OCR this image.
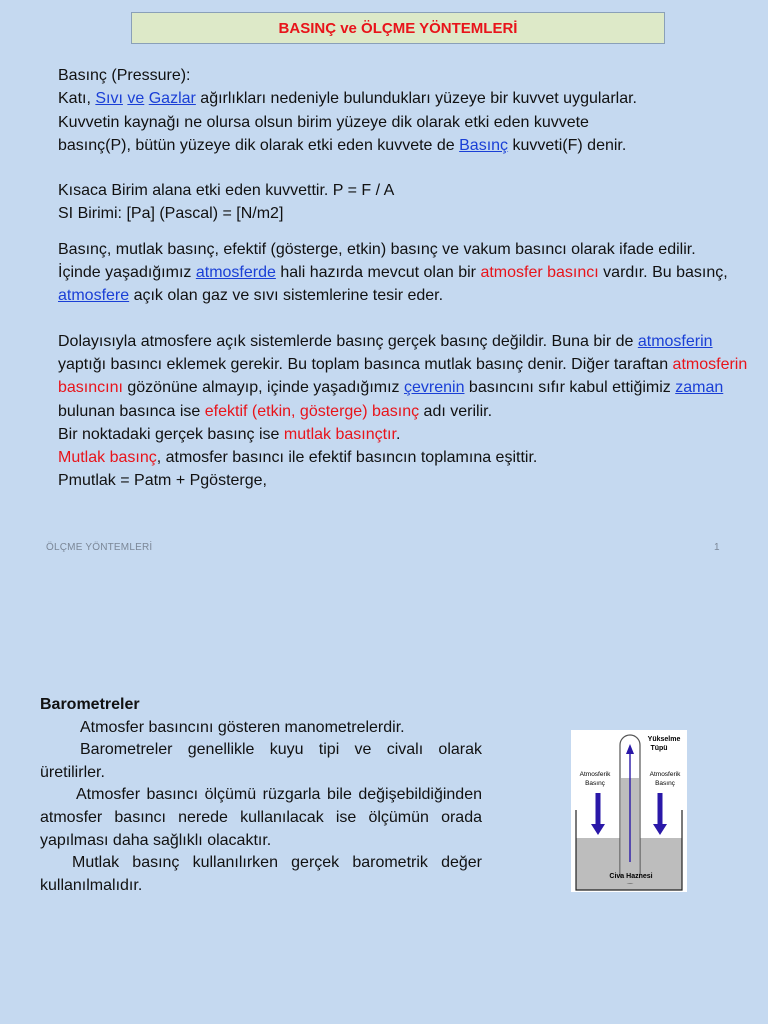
BASINÇ ve ÖLÇME YÖNTEMLERİ

Basınç (Pressure):

Katı, Sıvı ve Gazlar ağırlıkları nedeniyle bulundukları yüzeye bir kuvvet uygularlar.

Kuvvetin kaynağı ne olursa olsun birim yüzeye dik olarak etki eden kuvvete

basınç(P), bütün yüzeye dik olarak etki eden kuvvete de Basınç kuvveti(F) denir.

Kısaca Birim alana etki eden kuvvettir. P = F / A

SI Birimi: [Pa] (Pascal) = [N/m2]

Basınç, mutlak basınç, efektif (gösterge, etkin) basınç ve vakum basıncı olarak ifade edilir.
İçinde yaşadığımız atmosferde hali hazırda mevcut olan bir atmosfer basıncı vardır. Bu basınç, atmosfere açık olan gaz ve sıvı sistemlerine tesir eder.

Dolayısıyla atmosfere açık sistemlerde basınç gerçek basınç değildir. Buna bir de atmosferin yaptığı basıncı eklemek gerekir. Bu toplam basınca mutlak basınç denir. Diğer taraftan atmosferin basıncını gözönüne almayıp, içinde yaşadığımız çevrenin basıncını sıfır kabul ettiğimiz zaman bulunan basınca ise efektif (etkin, gösterge) basınç adı verilir.
Bir noktadaki gerçek basınç ise mutlak basınçtır.
Mutlak basınç, atmosfer basıncı ile efektif basıncın toplamına eşittir.
Pmutlak = Patm + Pgösterge,

ÖLÇME YÖNTEMLERİ	1

Barometreler

Atmosfer basıncını gösteren manometrelerdir.

Barometreler genellikle kuyu tipi ve civalı olarak üretilirler.

Atmosfer basıncı ölçümü rüzgarla bile değişebildiğinden atmosfer basıncı nerede kullanılacak ise ölçümün orada yapılması daha sağlıklı olacaktır.

Mutlak basınç kullanılırken gerçek barometrik değer kullanılmalıdır.

Yükselme
Tüpü
Atmosferik
Basınç
Atmosferik
Basınç
Civa Haznesi
